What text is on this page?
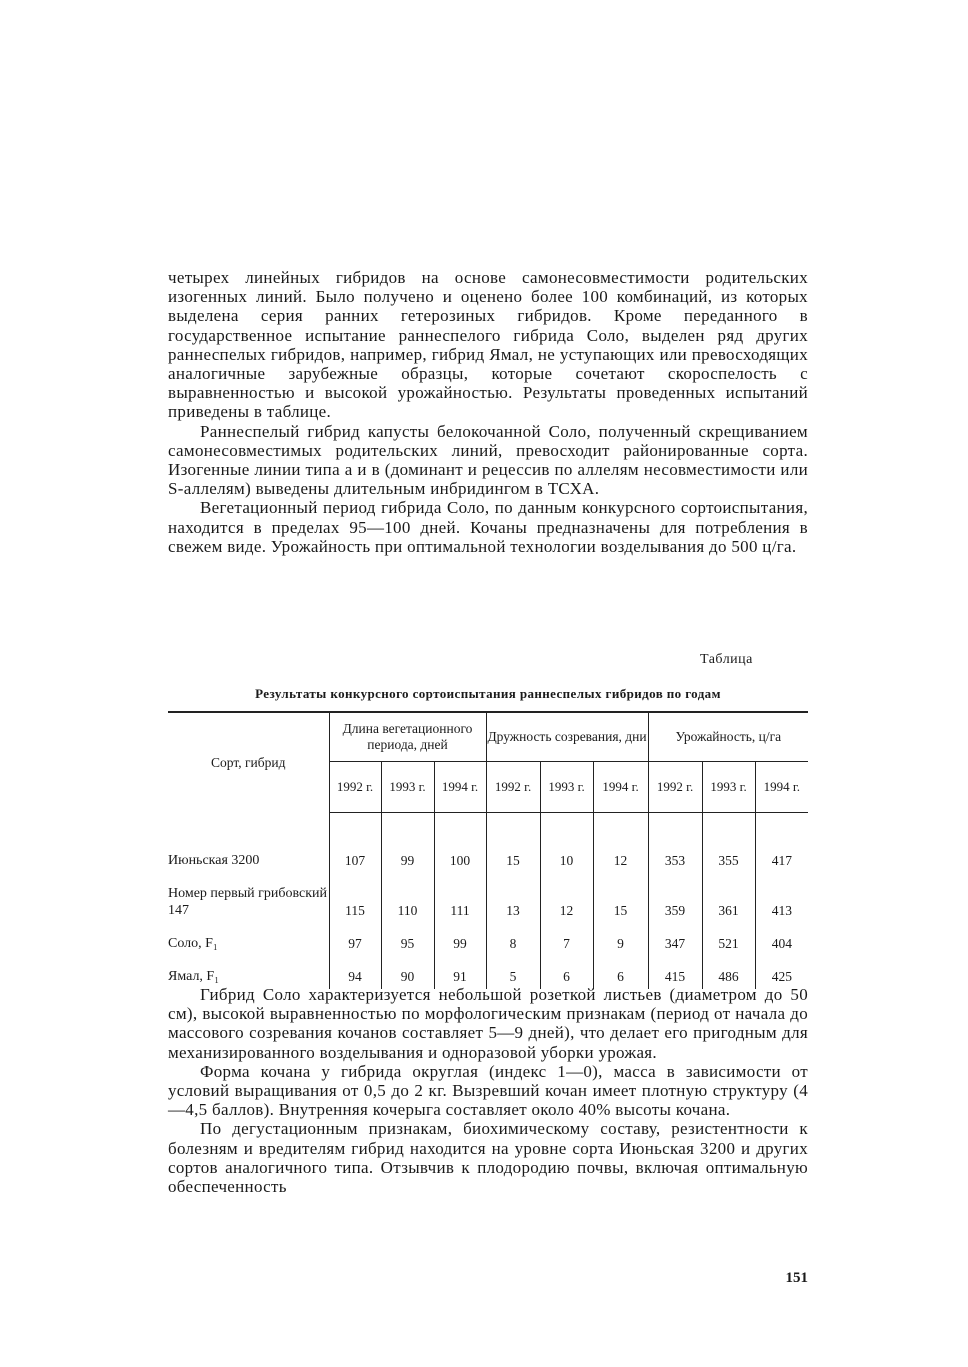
четырех линейных гибридов на основе самонесовместимости родительских изогенных линий. Было получено и оценено более 100 комбинаций, из которых выделена серия ранних гетерозиных гибридов. Кроме переданного в государственное испытание раннеспелого гибрида Соло, выделен ряд других раннеспелых гибридов, например, гибрид Ямал, не уступающих или превосходящих аналогичные зарубежные образцы, которые сочетают скороспелость с выравненностью и высокой урожайностью. Результаты проведенных испытаний приведены в таблице.

Раннеспелый гибрид капусты белокочанной Соло, полученный скрещиванием самонесовместимых родительских линий, превосходит районированные сорта. Изогенные линии типа а и в (доминант и рецессив по аллелям несовместимости или S-аллелям) выведены длительным инбридингом в ТСХА.

Вегетационный период гибрида Соло, по данным конкурсного сортоиспытания, находится в пределах 95—100 дней. Кочаны предназначены для потребления в свежем виде. Урожайность при оптимальной технологии возделывания до 500 ц/га.

Таблица
Результаты конкурсного сортоиспытания раннеспелых гибридов по годам
Сорт, гибрид	Длина вегетационного периода, дней			Дружность созревания, дни			Урожайность, ц/га		
	1992 г.	1993 г.	1994 г.	1992 г.	1993 г.	1994 г.	1992 г.	1993 г.	1994 г.
Июньская 3200	107	99	100	15	10	12	353	355	417
Номер первый грибовский 147	115	110	111	13	12	15	359	361	413
Соло, F₁	97	95	99	8	7	9	347	521	404
Ямал, F₁	94	90	91	5	6	6	415	486	425

Гибрид Соло характеризуется небольшой розеткой листьев (диаметром до 50 см), высокой выравненностью по морфологическим признакам (период от начала до массового созревания кочанов составляет 5—9 дней), что делает его пригодным для механизированного возделывания и одноразовой уборки урожая.

Форма кочана у гибрида округлая (индекс 1—0), масса в зависимости от условий выращивания от 0,5 до 2 кг. Вызревший кочан имеет плотную структуру (4—4,5 баллов). Внутренняя кочерыга составляет около 40% высоты кочана.

По дегустационным признакам, биохимическому составу, резистентности к болезням и вредителям гибрид находится на уровне сорта Июньская 3200 и других сортов аналогичного типа. Отзывчив к плодородию почвы, включая оптимальную обеспеченность

151
